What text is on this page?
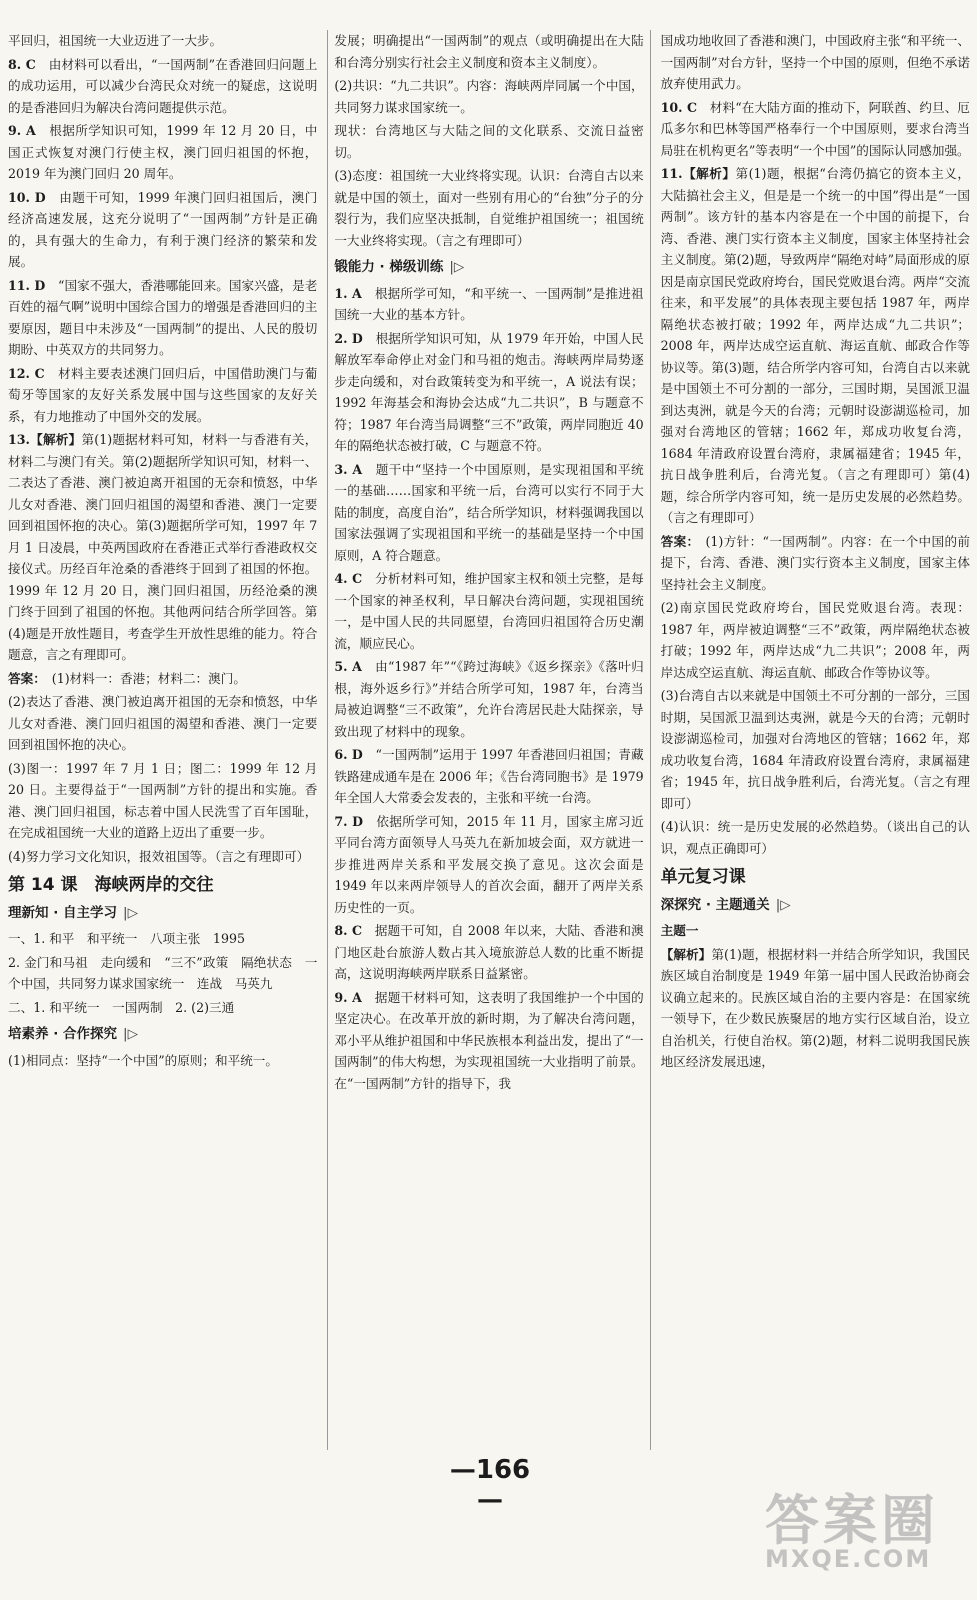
平回归，祖国统一大业迈进了一大步。

8. C　 由材料可以看出，“一国两制”在香港回归问题上的成功运用，可以减少台湾民众对统一的疑虑，这说明的是香港回归为解决台湾问题提供示范。

9. A　 根据所学知识可知，1999 年 12 月 20 日，中国正式恢复对澳门行使主权，澳门回归祖国的怀抱，2019 年为澳门回归 20 周年。

10. D　 由题干可知，1999 年澳门回归祖国后，澳门经济高速发展，这充分说明了“一国两制”方针是正确的，具有强大的生命力，有利于澳门经济的繁荣和发展。

11. D　 “国家不强大，香港哪能回来。国家兴盛，是老百姓的福气啊”说明中国综合国力的增强是香港回归的主要原因，题目中未涉及“一国两制”的提出、人民的殷切期盼、中英双方的共同努力。

12. C　 材料主要表述澳门回归后，中国借助澳门与葡萄牙等国家的友好关系发展中国与这些国家的友好关系，有力地推动了中国外交的发展。

13.【解析】第(1)题据材料可知，材料一与香港有关，材料二与澳门有关。第(2)题据所学知识可知，材料一、二表达了香港、澳门被迫离开祖国的无奈和愤怒，中华儿女对香港、澳门回归祖国的渴望和香港、澳门一定要回到祖国怀抱的决心。第(3)题据所学可知，1997 年 7 月 1 日凌晨，中英两国政府在香港正式举行香港政权交接仪式。历经百年沧桑的香港终于回到了祖国的怀抱。1999 年 12 月 20 日，澳门回归祖国，历经沧桑的澳门终于回到了祖国的怀抱。其他两问结合所学回答。第(4)题是开放性题目，考查学生开放性思维的能力。符合题意，言之有理即可。

答案： (1)材料一：香港；材料二：澳门。

(2)表达了香港、澳门被迫离开祖国的无奈和愤怒，中华儿女对香港、澳门回归祖国的渴望和香港、澳门一定要回到祖国怀抱的决心。

(3)图一：1997 年 7 月 1 日；图二：1999 年 12 月 20 日。主要得益于“一国两制”方针的提出和实施。香港、澳门回归祖国，标志着中国人民洗雪了百年国耻，在完成祖国统一大业的道路上迈出了重要一步。

(4)努力学习文化知识，报效祖国等。（言之有理即可）

第 14 课　海峡两岸的交往
理新知 · 自主学习 |▷

一、1. 和平　和平统一　八项主张　1995

2. 金门和马祖　走向缓和　“三不”政策　隔绝状态　一个中国，共同努力谋求国家统一　连战　马英九

二、1. 和平统一　一国两制　2. (2)三通

培素养 · 合作探究 |▷

(1)相同点：坚持“一个中国”的原则；和平统一。

发展；明确提出“一国两制”的观点（或明确提出在大陆和台湾分别实行社会主义制度和资本主义制度）。

(2)共识：“九二共识”。内容：海峡两岸同属一个中国，共同努力谋求国家统一。

现状：台湾地区与大陆之间的文化联系、交流日益密切。

(3)态度：祖国统一大业终将实现。认识：台湾自古以来就是中国的领土，面对一些别有用心的“台独”分子的分裂行为，我们应坚决抵制，自觉维护祖国统一；祖国统一大业终将实现。（言之有理即可）

锻能力 · 梯级训练 |▷

1. A　 根据所学可知，“和平统一、一国两制”是推进祖国统一大业的基本方针。

2. D　 根据所学知识可知，从 1979 年开始，中国人民解放军奉命停止对金门和马祖的炮击。海峡两岸局势逐步走向缓和，对台政策转变为和平统一，A 说法有误；1992 年海基会和海协会达成“九二共识”，B 与题意不符；1987 年台湾当局调整“三不”政策，两岸同胞近 40 年的隔绝状态被打破，C 与题意不符。

3. A　 题干中“坚持一个中国原则，是实现祖国和平统一的基础……国家和平统一后，台湾可以实行不同于大陆的制度，高度自治”，结合所学知识，材料强调我国以国家法强调了实现祖国和平统一的基础是坚持一个中国原则，A 符合题意。

4. C　 分析材料可知，维护国家主权和领土完整，是每一个国家的神圣权利，早日解决台湾问题，实现祖国统一，是中国人民的共同愿望，台湾回归祖国符合历史潮流，顺应民心。

5. A　 由“1987 年”“《跨过海峡》《返乡探亲》《落叶归根，海外返乡行》”并结合所学可知，1987 年，台湾当局被迫调整“三不政策”，允许台湾居民赴大陆探亲，导致出现了材料中的现象。

6. D　 “一国两制”运用于 1997 年香港回归祖国；青藏铁路建成通车是在 2006 年；《告台湾同胞书》是 1979 年全国人大常委会发表的，主张和平统一台湾。

7. D　 依据所学可知，2015 年 11 月，国家主席习近平同台湾方面领导人马英九在新加坡会面，双方就进一步推进两岸关系和平发展交换了意见。这次会面是 1949 年以来两岸领导人的首次会面，翻开了两岸关系历史性的一页。

8. C　 据题干可知，自 2008 年以来，大陆、香港和澳门地区赴台旅游人数占其入境旅游总人数的比重不断提高，这说明海峡两岸联系日益紧密。

9. A　 据题干材料可知，这表明了我国维护一个中国的坚定决心。在改革开放的新时期，为了解决台湾问题，邓小平从维护祖国和中华民族根本利益出发，提出了“一国两制”的伟大构想，为实现祖国统一大业指明了前景。在“一国两制”方针的指导下，我

国成功地收回了香港和澳门，中国政府主张“和平统一、一国两制”对台方针，坚持一个中国的原则，但绝不承诺放弃使用武力。

10. C　 材料“在大陆方面的推动下，阿联酋、约旦、厄瓜多尔和巴林等国严格奉行一个中国原则，要求台湾当局驻在机构更名”等表明“一个中国”的国际认同感加强。

11.【解析】第(1)题，根据“台湾仍搞它的资本主义，大陆搞社会主义，但是是一个统一的中国”得出是“一国两制”。该方针的基本内容是在一个中国的前提下，台湾、香港、澳门实行资本主义制度，国家主体坚持社会主义制度。第(2)题，导致两岸“隔绝对峙”局面形成的原因是南京国民党政府垮台，国民党败退台湾。两岸“交流往来，和平发展”的具体表现主要包括 1987 年，两岸隔绝状态被打破；1992 年，两岸达成“九二共识”；2008 年，两岸达成空运直航、海运直航、邮政合作等协议等。第(3)题，结合所学内容可知，台湾自古以来就是中国领土不可分割的一部分，三国时期，吴国派卫温到达夷洲，就是今天的台湾；元朝时设澎湖巡检司，加强对台湾地区的管辖；1662 年，郑成功收复台湾，1684 年清政府设置台湾府，隶属福建省；1945 年，抗日战争胜利后，台湾光复。（言之有理即可）第(4)题，综合所学内容可知，统一是历史发展的必然趋势。（言之有理即可）

答案： (1)方针：“一国两制”。内容：在一个中国的前提下，台湾、香港、澳门实行资本主义制度，国家主体坚持社会主义制度。

(2)南京国民党政府垮台，国民党败退台湾。表现：1987 年，两岸被迫调整“三不”政策，两岸隔绝状态被打破；1992 年，两岸达成“九二共识”；2008 年，两岸达成空运直航、海运直航、邮政合作等协议等。

(3)台湾自古以来就是中国领土不可分割的一部分，三国时期，吴国派卫温到达夷洲，就是今天的台湾；元朝时设澎湖巡检司，加强对台湾地区的管辖；1662 年，郑成功收复台湾，1684 年清政府设置台湾府，隶属福建省；1945 年，抗日战争胜利后，台湾光复。（言之有理即可）

(4)认识：统一是历史发展的必然趋势。（谈出自己的认识，观点正确即可）

单元复习课
深探究 · 主题通关 |▷

主题一

【解析】第(1)题，根据材料一并结合所学知识，我国民族区域自治制度是 1949 年第一届中国人民政治协商会议确立起来的。民族区域自治的主要内容是：在国家统一领导下，在少数民族聚居的地方实行区域自治，设立自治机关，行使自治权。第(2)题，材料二说明我国民族地区经济发展迅速，

—166—	答案圈
MXQE.COM
